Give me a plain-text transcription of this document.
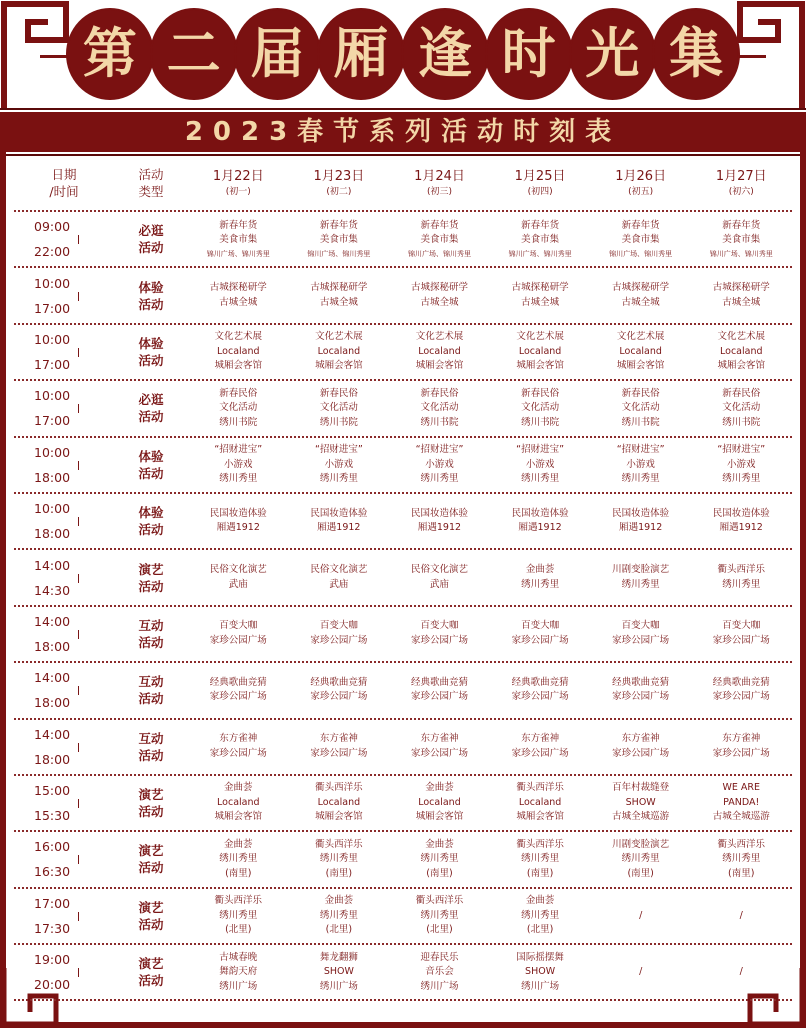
第 二 届 厢 逢 时 光 集
2023春节系列活动时刻表
日期
/时间
活动
类型
1月22日
(初一)
1月23日
(初二)
1月24日
(初三)
1月25日
(初四)
1月26日
(初五)
1月27日
(初六)
09:00
22:00
必逛
活动
新春年货
美食市集
锦川广场、锦川秀里
新春年货
美食市集
锦川广场、锦川秀里
新春年货
美食市集
锦川广场、锦川秀里
新春年货
美食市集
锦川广场、锦川秀里
新春年货
美食市集
锦川广场、锦川秀里
新春年货
美食市集
锦川广场、锦川秀里
10:00
17:00
体验
活动
古城探秘研学
古城全城
古城探秘研学
古城全城
古城探秘研学
古城全城
古城探秘研学
古城全城
古城探秘研学
古城全城
古城探秘研学
古城全城
10:00
17:00
体验
活动
文化艺术展
Localand
城厢会客馆
文化艺术展
Localand
城厢会客馆
文化艺术展
Localand
城厢会客馆
文化艺术展
Localand
城厢会客馆
文化艺术展
Localand
城厢会客馆
文化艺术展
Localand
城厢会客馆
10:00
17:00
必逛
活动
新春民俗
文化活动
绣川书院
新春民俗
文化活动
绣川书院
新春民俗
文化活动
绣川书院
新春民俗
文化活动
绣川书院
新春民俗
文化活动
绣川书院
新春民俗
文化活动
绣川书院
10:00
18:00
体验
活动
“招财进宝”
小游戏
绣川秀里
“招财进宝”
小游戏
绣川秀里
“招财进宝”
小游戏
绣川秀里
“招财进宝”
小游戏
绣川秀里
“招财进宝”
小游戏
绣川秀里
“招财进宝”
小游戏
绣川秀里
10:00
18:00
体验
活动
民国妆造体验
厢遇1912
民国妆造体验
厢遇1912
民国妆造体验
厢遇1912
民国妆造体验
厢遇1912
民国妆造体验
厢遇1912
民国妆造体验
厢遇1912
14:00
14:30
演艺
活动
民俗文化演艺
武庙
民俗文化演艺
武庙
民俗文化演艺
武庙
金曲荟
绣川秀里
川剧变脸演艺
绣川秀里
衢头西洋乐
绣川秀里
14:00
18:00
互动
活动
百变大咖
家珍公园广场
百变大咖
家珍公园广场
百变大咖
家珍公园广场
百变大咖
家珍公园广场
百变大咖
家珍公园广场
百变大咖
家珍公园广场
14:00
18:00
互动
活动
经典歌曲竞猜
家珍公园广场
经典歌曲竞猜
家珍公园广场
经典歌曲竞猜
家珍公园广场
经典歌曲竞猜
家珍公园广场
经典歌曲竞猜
家珍公园广场
经典歌曲竞猜
家珍公园广场
14:00
18:00
互动
活动
东方雀神
家珍公园广场
东方雀神
家珍公园广场
东方雀神
家珍公园广场
东方雀神
家珍公园广场
东方雀神
家珍公园广场
东方雀神
家珍公园广场
15:00
15:30
演艺
活动
金曲荟
Localand
城厢会客馆
衢头西洋乐
Localand
城厢会客馆
金曲荟
Localand
城厢会客馆
衢头西洋乐
Localand
城厢会客馆
百年村裁缝登
SHOW
古城全城巡游
WE ARE
PANDA!
古城全城巡游
16:00
16:30
演艺
活动
金曲荟
绣川秀里
(南里)
衢头西洋乐
绣川秀里
(南里)
金曲荟
绣川秀里
(南里)
衢头西洋乐
绣川秀里
(南里)
川剧变脸演艺
绣川秀里
(南里)
衢头西洋乐
绣川秀里
(南里)
17:00
17:30
演艺
活动
衢头西洋乐
绣川秀里
(北里)
金曲荟
绣川秀里
(北里)
衢头西洋乐
绣川秀里
(北里)
金曲荟
绣川秀里
(北里)
/	/
19:00
20:00
演艺
活动
古城春晚
舞韵天府
绣川广场
舞龙翻狮
SHOW
绣川广场
迎春民乐
音乐会
绣川广场
国际摇摆舞
SHOW
绣川广场
/	/
